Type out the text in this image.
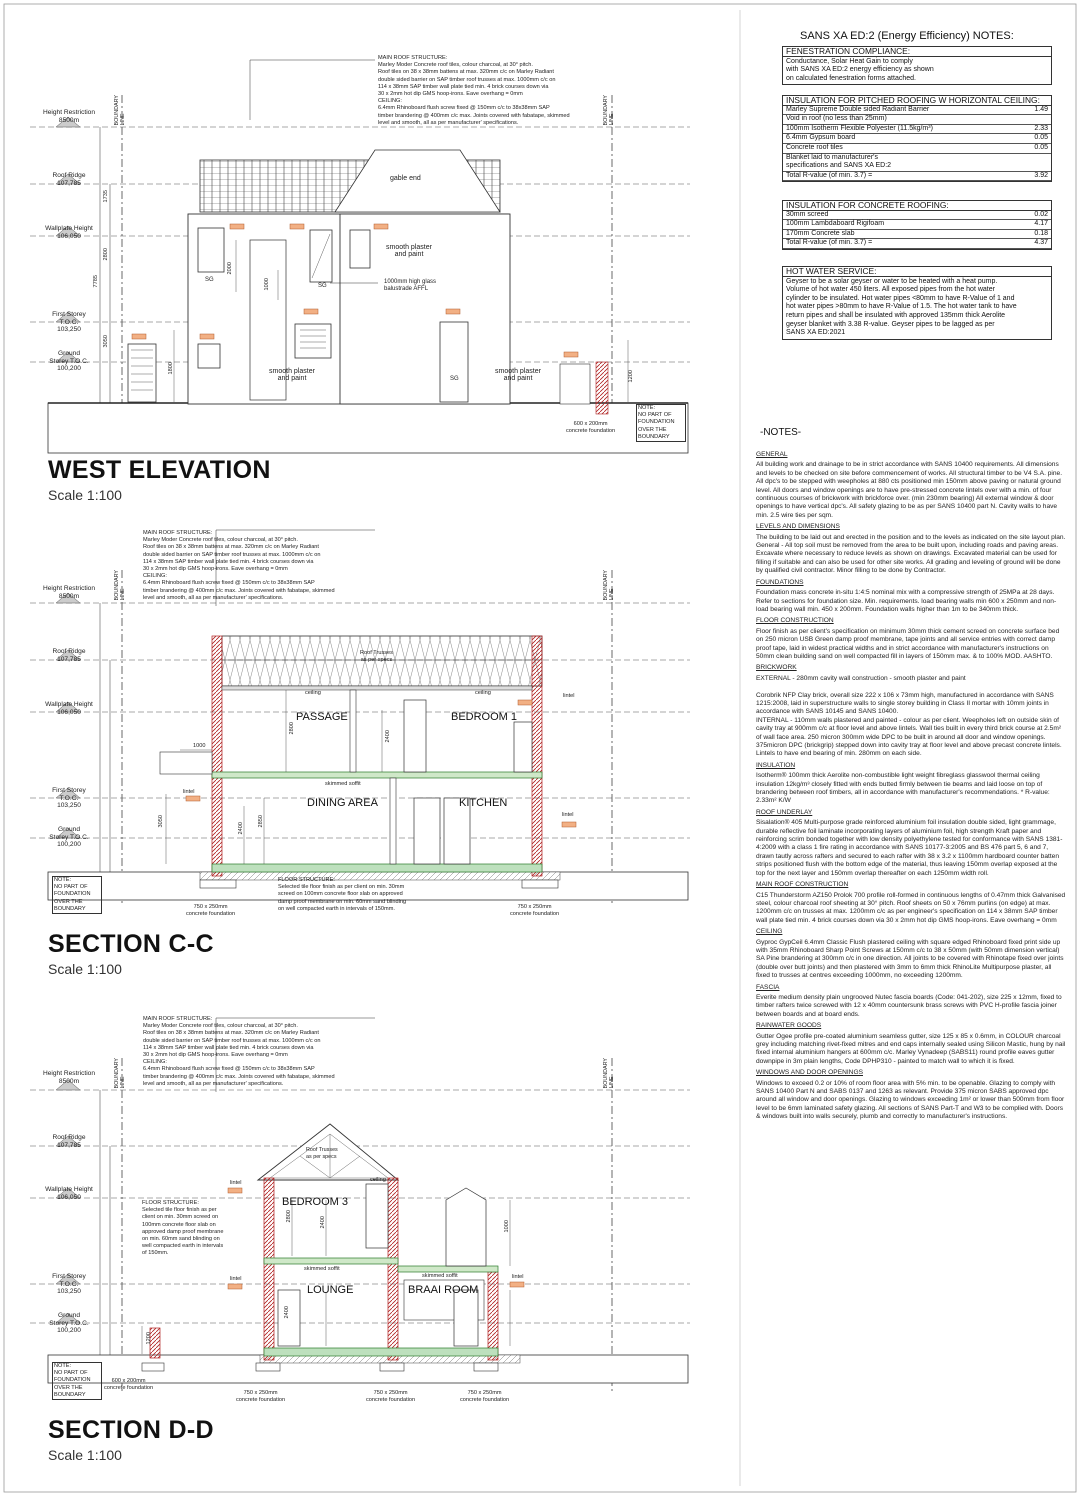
MAIN ROOF STRUCTURE:
Marley Moder Concrete roof tiles, colour charcoal, at 30° pitch.
Roof tiles on 38 x 38mm battens at max. 320mm c/c on Marley Radiant
double sided barrier on SAP timber roof trusses at max. 1000mm c/c on
114 x 38mm SAP timber wall plate tied min. 4 brick courses down via
30 x 2mm hot dip GMS hoop-irons. Eave overhang = 0mm
CEILING:
6.4mm Rhinoboard flush screw fixed @ 150mm c/c to 38x38mm SAP
timber brandering @ 400mm c/c max. Joints covered with fabatape, skimmed
level and smooth, all as per manufacturer' specifications.
gable end
smooth plaster
and paint
1000mm high glass
balustrade AFFL
smooth plaster
and paint
smooth plaster
and paint
600 x 200mm
concrete foundation
NOTE:
NO PART OF
FOUNDATION
OVER THE
BOUNDARY
SG
SG
SG
BOUNDARY
LINE	BOUNDARY
LINE
1735
2800
7785
3050
1800
2000
1000
1200
Height Restriction
8500m
Roof Ridge
107,785
Wallplate Height
106,050
First Storey
T.O.C.
103,250
Ground
Storey T.O.C.
100,200
WEST ELEVATION
Scale 1:100
MAIN ROOF STRUCTURE:
Marley Moder Concrete roof tiles, colour charcoal, at 30° pitch.
Roof tiles on 38 x 38mm battens at max. 320mm c/c on Marley Radiant
double sided barrier on SAP timber roof trusses at max. 1000mm c/c on
114 x 38mm SAP timber wall plate tied min. 4 brick courses down via
30 x 2mm hot dip GMS hoop-irons. Eave overhang = 0mm
CEILING:
6.4mm Rhinoboard flush screw fixed @ 150mm c/c to 38x38mm SAP
timber brandering @ 400mm c/c max. Joints covered with fabatape, skimmed
level and smooth, all as per manufacturer' specifications.
Roof Trusses
as per specs
ceiling	ceiling
PASSAGE	BEDROOM 1
DINING AREA	KITCHEN
skimmed soffit
lintel
lintel
lintel
FLOOR STRUCTURE:
Selected tile floor finish as per client on min. 30mm
screed on 100mm concrete floor slab on approved
damp proof membrane on min. 60mm sand blinding
on well compacted earth in intervals of 150mm.
750 x 250mm
concrete foundation
750 x 250mm
concrete foundation
NOTE:
NO PART OF
FOUNDATION
OVER THE
BOUNDARY
BOUNDARY
LINE	BOUNDARY
LINE
2800
2400
1000
3050
2400
2850
Height Restriction
8500m
Roof Ridge
107,785
Wallplate Height
106,050
First Storey
T.O.C.
103,250
Ground
Storey T.O.C.
100,200
SECTION C-C
Scale 1:100
MAIN ROOF STRUCTURE:
Marley Moder Concrete roof tiles, colour charcoal, at 30° pitch.
Roof tiles on 38 x 38mm battens at max. 320mm c/c on Marley Radiant
double sided barrier on SAP timber roof trusses at max. 1000mm c/c on
114 x 38mm SAP timber wall plate tied min. 4 brick courses down via
30 x 2mm hot dip GMS hoop-irons. Eave overhang = 0mm
CEILING:
6.4mm Rhinoboard flush screw fixed @ 150mm c/c to 38x38mm SAP
timber brandering @ 400mm c/c max. Joints covered with fabatape, skimmed
level and smooth, all as per manufacturer' specifications.
FLOOR STRUCTURE:
Selected tile floor finish as per
client on min. 30mm screed on
100mm concrete floor slab on
approved damp proof membrane
on min. 60mm sand blinding on
well compacted earth in intervals
of 150mm.
BEDROOM 3
LOUNGE	BRAAI ROOM
Roof Trusses
as per specs
skimmed soffit
skimmed soffit
ceiling
lintel
lintel	lintel
600 x 200mm
concrete foundation
750 x 250mm
concrete foundation
750 x 250mm
concrete foundation
750 x 250mm
concrete foundation
NOTE:
NO PART OF
FOUNDATION
OVER THE
BOUNDARY
BOUNDARY
LINE	BOUNDARY
LINE
2800	2400	1000
1200
2400
Height Restriction
8500m
Roof Ridge
107,785
Wallplate Height
106,050
First Storey
T.O.C.
103,250
Ground
Storey T.O.C.
100,200
SECTION D-D
Scale 1:100
SANS XA ED:2 (Energy Efficiency) NOTES:
FENESTRATION COMPLIANCE:
Conductance, Solar Heat Gain to comply
with SANS XA ED:2 energy efficiency as shown
on calculated fenestration forms attached.
INSULATION FOR PITCHED ROOFING W HORIZONTAL CEILING:
Marley Supreme Double sided Radiant Barrier	1.49
Void in roof (no less than 25mm)
100mm Isotherm Flexible Polyester (11.5kg/m³)	2.33
6.4mm Gypsum board	0.05
Concrete roof tiles	0.05
Blanket laid to manufacturer's
specifications and SANS XA ED:2
Total R-value (of min. 3.7) =	3.92
INSULATION FOR CONCRETE ROOFING:
30mm screed	0.02
100mm Lambdaboard Rigifoam	4.17
170mm Concrete slab	0.18
Total R-value (of min. 3.7) =	4.37
HOT WATER SERVICE:
Geyser to be a solar geyser or water to be heated with a heat pump.
Volume of hot water 450 liters. All exposed pipes from the hot water
cylinder to be insulated. Hot water pipes <80mm to have R-Value of 1 and
hot water pipes >80mm to have R-Value of 1.5. The hot water tank to have
return pipes and shall be insulated with approved 135mm thick Aerolite
geyser blanket with 3.38 R-value. Geyser pipes to be lagged as per
SANS XA ED:2021
-NOTES-
GENERAL
All building work and drainage to be in strict accordance with SANS 10400 requirements. All dimensions and levels to be checked on site before commencement of works. All structural timber to be V4 S.A. pine. All dpc's to be stepped with weepholes at 880 cts positioned min 150mm above paving or natural ground level. All doors and window openings are to have pre-stressed concrete lintels over with a min. of four continuous courses of brickwork with brickforce over. (min 230mm bearing) All external window & door openings to have vertical dpc's. All safety glazing to be as per SANS 10400 part N. Cavity walls to have min. 2.5 wire ties per sqm.
LEVELS AND DIMENSIONS
The building to be laid out and erected in the position and to the levels as indicated on the site layout plan. General - All top soil must be removed from the area to be built upon, including roads and paving areas. Excavate where necessary to reduce levels as shown on drawings. Excavated material can be used for filling if suitable and can also be used for other site works. All grading and leveling of ground will be done by qualified civil contractor. Minor filling to be done by Contractor.
FOUNDATIONS
Foundation mass concrete in-situ 1:4:5 nominal mix with a compressive strength of 25MPa at 28 days. Refer to sections for foundation size. Min. requirements. load bearing walls min 600 x 250mm and non-load bearing wall min. 450 x 200mm. Foundation walls higher than 1m to be 340mm thick.
FLOOR CONSTRUCTION
Floor finish as per client's specification on minimum 30mm thick cement screed on concrete surface bed on 250 micron USB Green damp proof membrane, tape joints and all service entries with correct damp proof tape, laid in widest practical widths and in strict accordance with manufacturer's instructions on 50mm clean building sand on well compacted fill in layers of 150mm max. & to 100% MOD. AASHTO.
BRICKWORK
EXTERNAL - 280mm cavity wall construction - smooth plaster and paint

Corobrik NFP Clay brick, overall size 222 x 106 x 73mm high, manufactured in accordance with SANS 1215:2008, laid in superstructure walls to single storey building in Class II mortar with 10mm joints in accordance with SANS 10145 and SANS 10400.
INTERNAL - 110mm walls plastered and painted - colour as per client. Weepholes left on outside skin of cavity tray at 900mm c/c at floor level and above lintels. Wall ties built in every third brick course at 2.5m² of wall face area. 250 micron 300mm wide DPC to be built in around all door and window openings. 375micron DPC (brickgrip) stepped down into cavity tray at floor level and above precast concrete lintels. Lintels to have end bearing of min. 280mm on each side.
INSULATION
Isotherm® 100mm thick Aerolite non-combustible light weight fibreglass glasswool thermal ceiling insulation 12kg/m³ closely fitted with ends butted firmly between tie beams and laid loose on top of brandering between roof timbers, all in accordance with manufacturer's recommendations. * R-value: 2.33m² K/W
ROOF UNDERLAY
Sisalation® 405 Multi-purpose grade reinforced aluminium foil insulation double sided, light grammage, durable reflective foil laminate incorporating layers of aluminium foil, high strength Kraft paper and reinforcing scrim bonded together with low density polyethylene tested for conformance with SANS 1381-4:2009 with a class 1 fire rating in accordance with SANS 10177-3:2005 and BS 476 part 5, 6 and 7, drawn tautly across rafters and secured to each rafter with 38 x 3.2 x 1100mm hardboard counter batten strips positioned flush with the bottom edge of the material, thus leaving 150mm overlap exposed at the top for the next layer and 150mm overlap thereafter on each 1250mm width roll.
MAIN ROOF CONSTRUCTION
C15 Thunderstorm AZ150 Prolok 700 profile roll-formed in continuous lengths of 0.47mm thick Galvanised steel, colour charcoal roof sheeting at 30° pitch. Roof sheets on 50 x 76mm purlins (on edge) at max. 1200mm c/c on trusses at max. 1200mm c/c as per engineer's specification on 114 x 38mm SAP timber wall plate tied min. 4 brick courses down via 30 x 2mm hot dip GMS hoop-irons. Eave overhang = 0mm
CEILING
Gyproc GypCeil 6.4mm Classic Flush plastered ceiling with square edged Rhinoboard fixed print side up with 35mm Rhinoboard Sharp Point Screws at 150mm c/c to 38 x 50mm (with 50mm dimension vertical) SA Pine brandering at 300mm c/c in one direction. All joints to be covered with Rhinotape fixed over joints (double over butt joints) and then plastered with 3mm to 6mm thick RhinoLite Multipurpose plaster, all fixed to trusses at centres exceeding 1000mm, no exceeding 1200mm.
FASCIA
Everite medium density plain ungrooved Nutec fascia boards (Code: 041-202), size 225 x 12mm, fixed to timber rafters twice screwed with 12 x 40mm countersunk brass screws with PVC H-profile fascia joiner between boards and at board ends.
RAINWATER GOODS
Gutter Ogee profile pre-coated aluminium seamless gutter, size 125 x 85 x 0.6mm, in COLOUR charcoal grey including matching rivet-fixed mitres and end caps internally sealed using Silicon Mastic, hung by nail fixed internal aluminium hangers at 600mm c/c. Marley Vynadeep (SABS11) round profile eaves gutter downpipe in 3m plain lengths, Code DPHP310 - painted to match wall to which it is fixed.
WINDOWS AND DOOR OPENINGS
Windows to exceed 0.2 or 10% of room floor area with 5% min. to be openable. Glazing to comply with SANS 10400 Part N and SABS 0137 and 1263 as relevant. Provide 375 micron SABS approved dpc around all window and door openings. Glazing to windows exceeding 1m² or lower than 500mm from floor level to be 6mm laminated safety glazing. All sections of SANS Part-T and W3 to be complied with. Doors & windows built into walls securely, plumb and correctly to manufacturer's instructions.
